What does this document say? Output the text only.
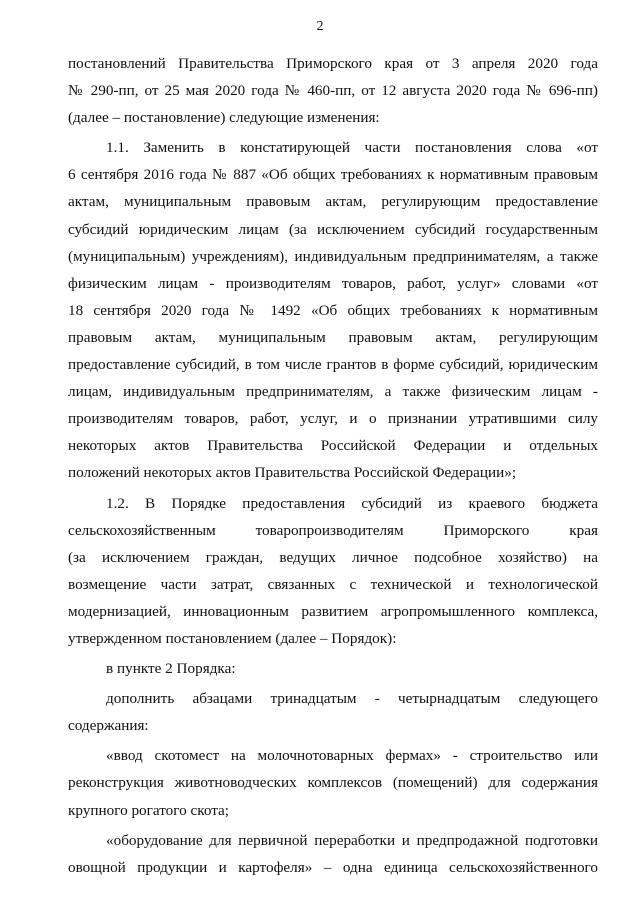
2
постановлений Правительства Приморского края от 3 апреля 2020 года
№ 290-пп, от 25 мая 2020 года № 460-пп, от 12 августа 2020 года № 696-пп)
(далее – постановление) следующие изменения:
1.1. Заменить в констатирующей части постановления слова «от
6 сентября 2016 года № 887 «Об общих требованиях к нормативным правовым
актам, муниципальным правовым актам, регулирующим предоставление
субсидий юридическим лицам (за исключением субсидий государственным
(муниципальным) учреждениям), индивидуальным предпринимателям, а также
физическим лицам - производителям товаров, работ, услуг» словами «от
18 сентября 2020 года № 1492 «Об общих требованиях к нормативным
правовым актам, муниципальным правовым актам, регулирующим
предоставление субсидий, в том числе грантов в форме субсидий, юридическим
лицам, индивидуальным предпринимателям, а также физическим лицам -
производителям товаров, работ, услуг, и о признании утратившими силу
некоторых актов Правительства Российской Федерации и отдельных
положений некоторых актов Правительства Российской Федерации»;
1.2. В Порядке предоставления субсидий из краевого бюджета
сельскохозяйственным товаропроизводителям Приморского края
(за исключением граждан, ведущих личное подсобное хозяйство) на
возмещение части затрат, связанных с технической и технологической
модернизацией, инновационным развитием агропромышленного комплекса,
утвержденном постановлением (далее – Порядок):
в пункте 2 Порядка:
дополнить абзацами тринадцатым - четырнадцатым следующего
содержания:
«ввод скотомест на молочнотоварных фермах» - строительство или
реконструкция животноводческих комплексов (помещений) для содержания
крупного рогатого скота;
«оборудование для первичной переработки и предпродажной подготовки
овощной продукции и картофеля» – одна единица сельскохозяйственного
